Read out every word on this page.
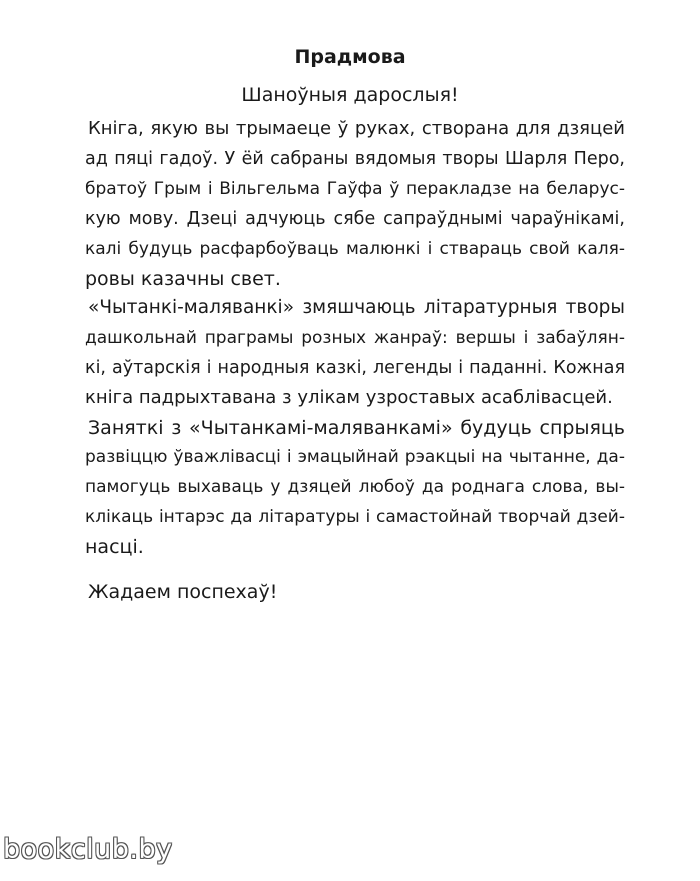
Прадмова
Шаноўныя дарослыя!
Кніга, якую вы трымаеце ў руках, створана для дзяцей
ад пяці гадоў. У ёй сабраны вядомыя творы Шарля Перо,
братоў Грым і Вільгельма Гаўфа ў перакладзе на беларус-
кую мову. Дзеці адчуюць сябе сапраўднымі чараўнікамі,
калі будуць расфарбоўваць малюнкі і ствараць свой каля-
ровы казачны свет.
«Чытанкі-маляванкі» змяшчаюць літаратурныя творы
дашкольнай праграмы розных жанраў: вершы і забаўлян-
кі, аўтарскія і народныя казкі, легенды і паданні. Кожная
кніга падрыхтавана з улікам узроставых асаблівасцей.
Заняткі з «Чытанкамі-маляванкамі» будуць спрыяць
развіццю ўважлівасці і эмацыйнай рэакцыі на чытанне, да-
памогуць выхаваць у дзяцей любоў да роднага слова, вы-
клікаць інтарэс да літаратуры і самастойнай творчай дзей-
насці.
Жадаем поспехаў!
bookclub.by
